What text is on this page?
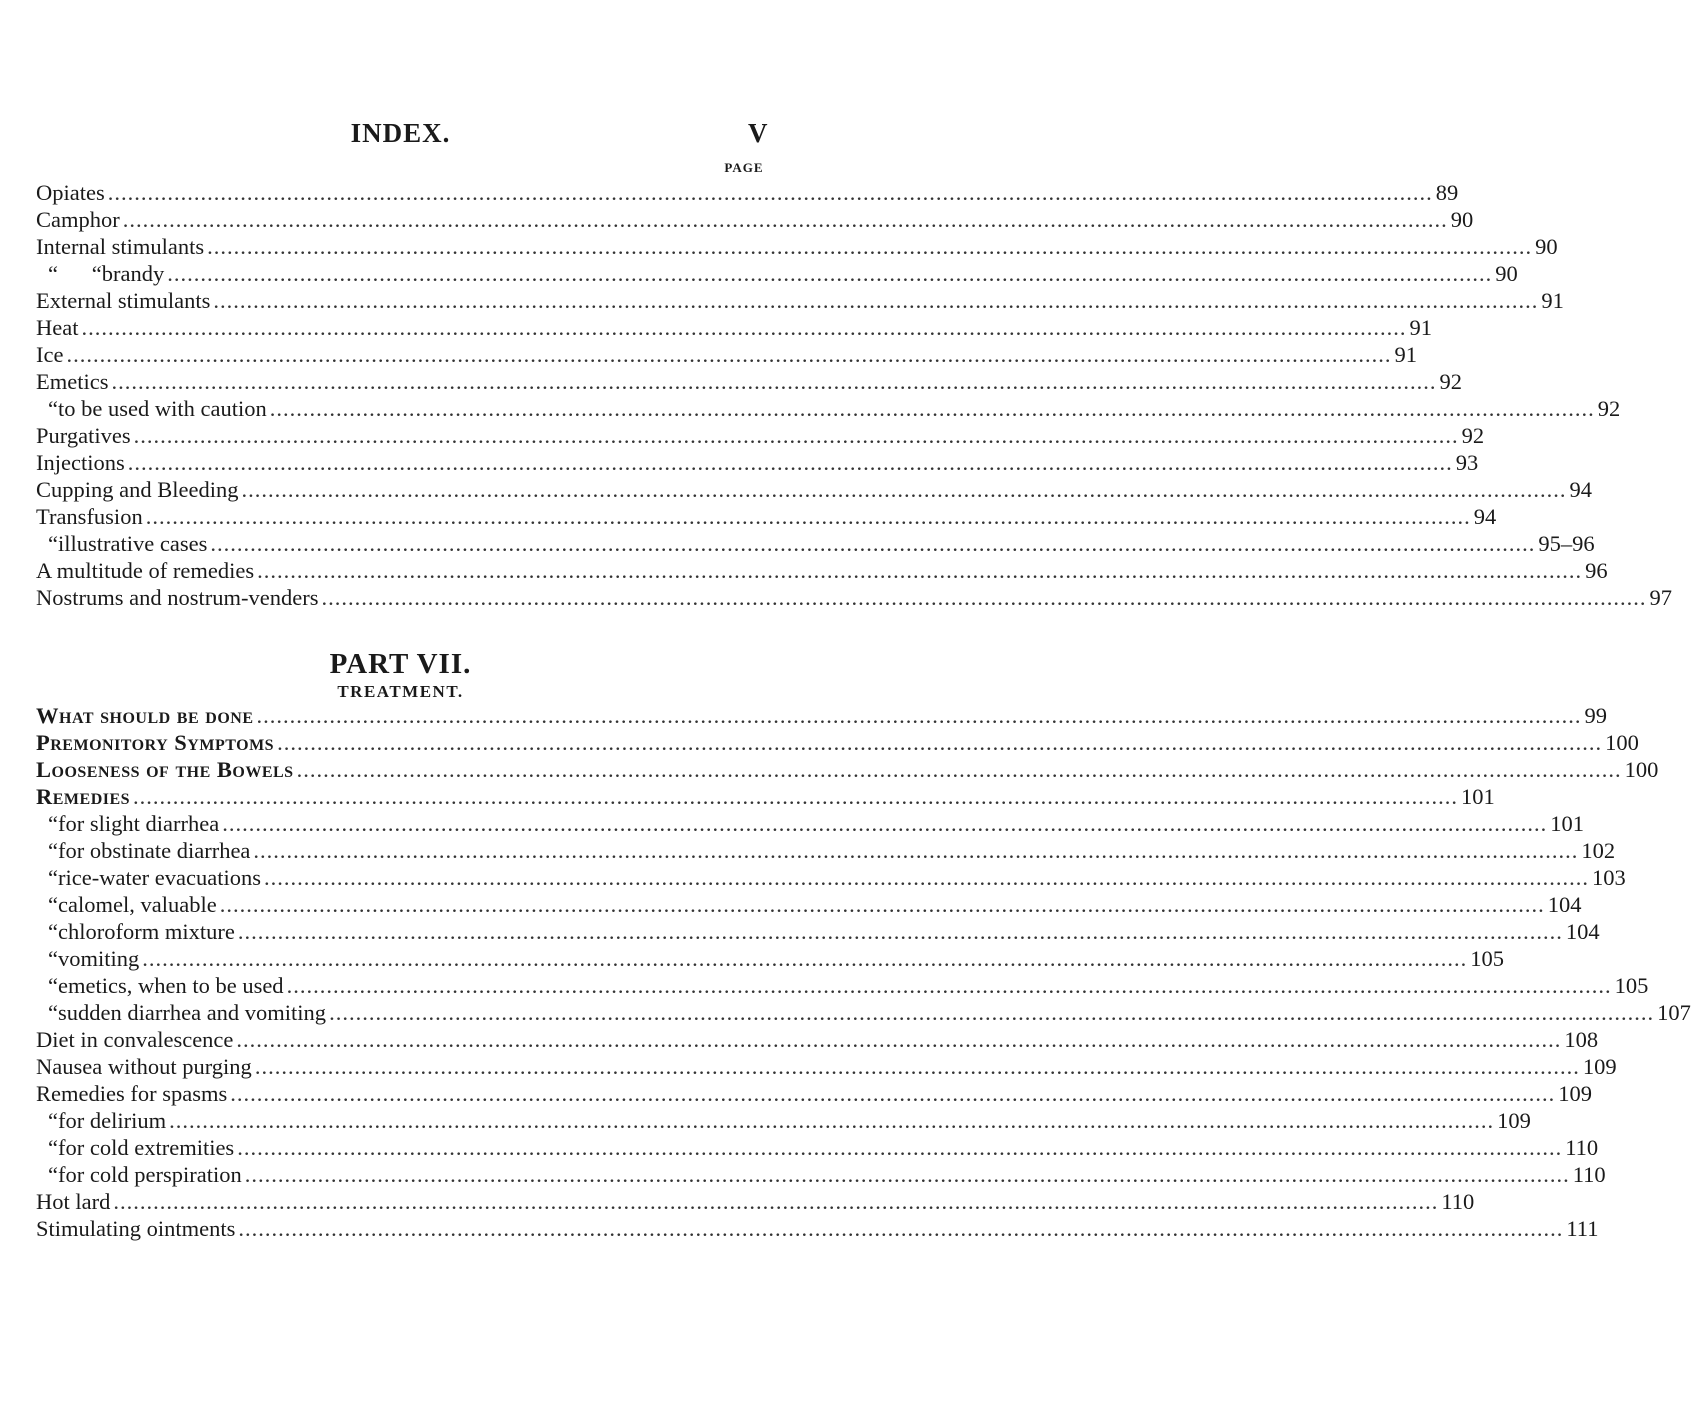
INDEX.	V
PAGE
Opiates ........................................................................................................................................................................................................ 89
Camphor ........................................................................................................................................................................................................ 90
Internal stimulants ........................................................................................................................................................................................................ 90
“      “ brandy ........................................................................................................................................................................................................ 90
External stimulants ........................................................................................................................................................................................................ 91
Heat ........................................................................................................................................................................................................ 91
Ice ........................................................................................................................................................................................................ 91
Emetics ........................................................................................................................................................................................................ 92
“ to be used with caution ........................................................................................................................................................................................................ 92
Purgatives ........................................................................................................................................................................................................ 92
Injections ........................................................................................................................................................................................................ 93
Cupping and Bleeding ........................................................................................................................................................................................................ 94
Transfusion ........................................................................................................................................................................................................ 94
“ illustrative cases ........................................................................................................................................................................................................ 95–96
A multitude of remedies ........................................................................................................................................................................................................ 96
Nostrums and nostrum-venders ........................................................................................................................................................................................................ 97
PART VII.
TREATMENT.
What should be done ........................................................................................................................................................................................................ 99
Premonitory Symptoms ........................................................................................................................................................................................................ 100
Looseness of the Bowels ........................................................................................................................................................................................................ 100
Remedies ........................................................................................................................................................................................................ 101
“ for slight diarrhea ........................................................................................................................................................................................................ 101
“ for obstinate diarrhea ........................................................................................................................................................................................................ 102
“ rice-water evacuations ........................................................................................................................................................................................................ 103
“ calomel, valuable ........................................................................................................................................................................................................ 104
“ chloroform mixture ........................................................................................................................................................................................................ 104
“ vomiting ........................................................................................................................................................................................................ 105
“ emetics, when to be used ........................................................................................................................................................................................................ 105
“ sudden diarrhea and vomiting ........................................................................................................................................................................................................ 107
Diet in convalescence ........................................................................................................................................................................................................ 108
Nausea without purging ........................................................................................................................................................................................................ 109
Remedies for spasms ........................................................................................................................................................................................................ 109
“ for delirium ........................................................................................................................................................................................................ 109
“ for cold extremities ........................................................................................................................................................................................................ 110
“ for cold perspiration ........................................................................................................................................................................................................ 110
Hot lard ........................................................................................................................................................................................................ 110
Stimulating ointments ........................................................................................................................................................................................................ 111
